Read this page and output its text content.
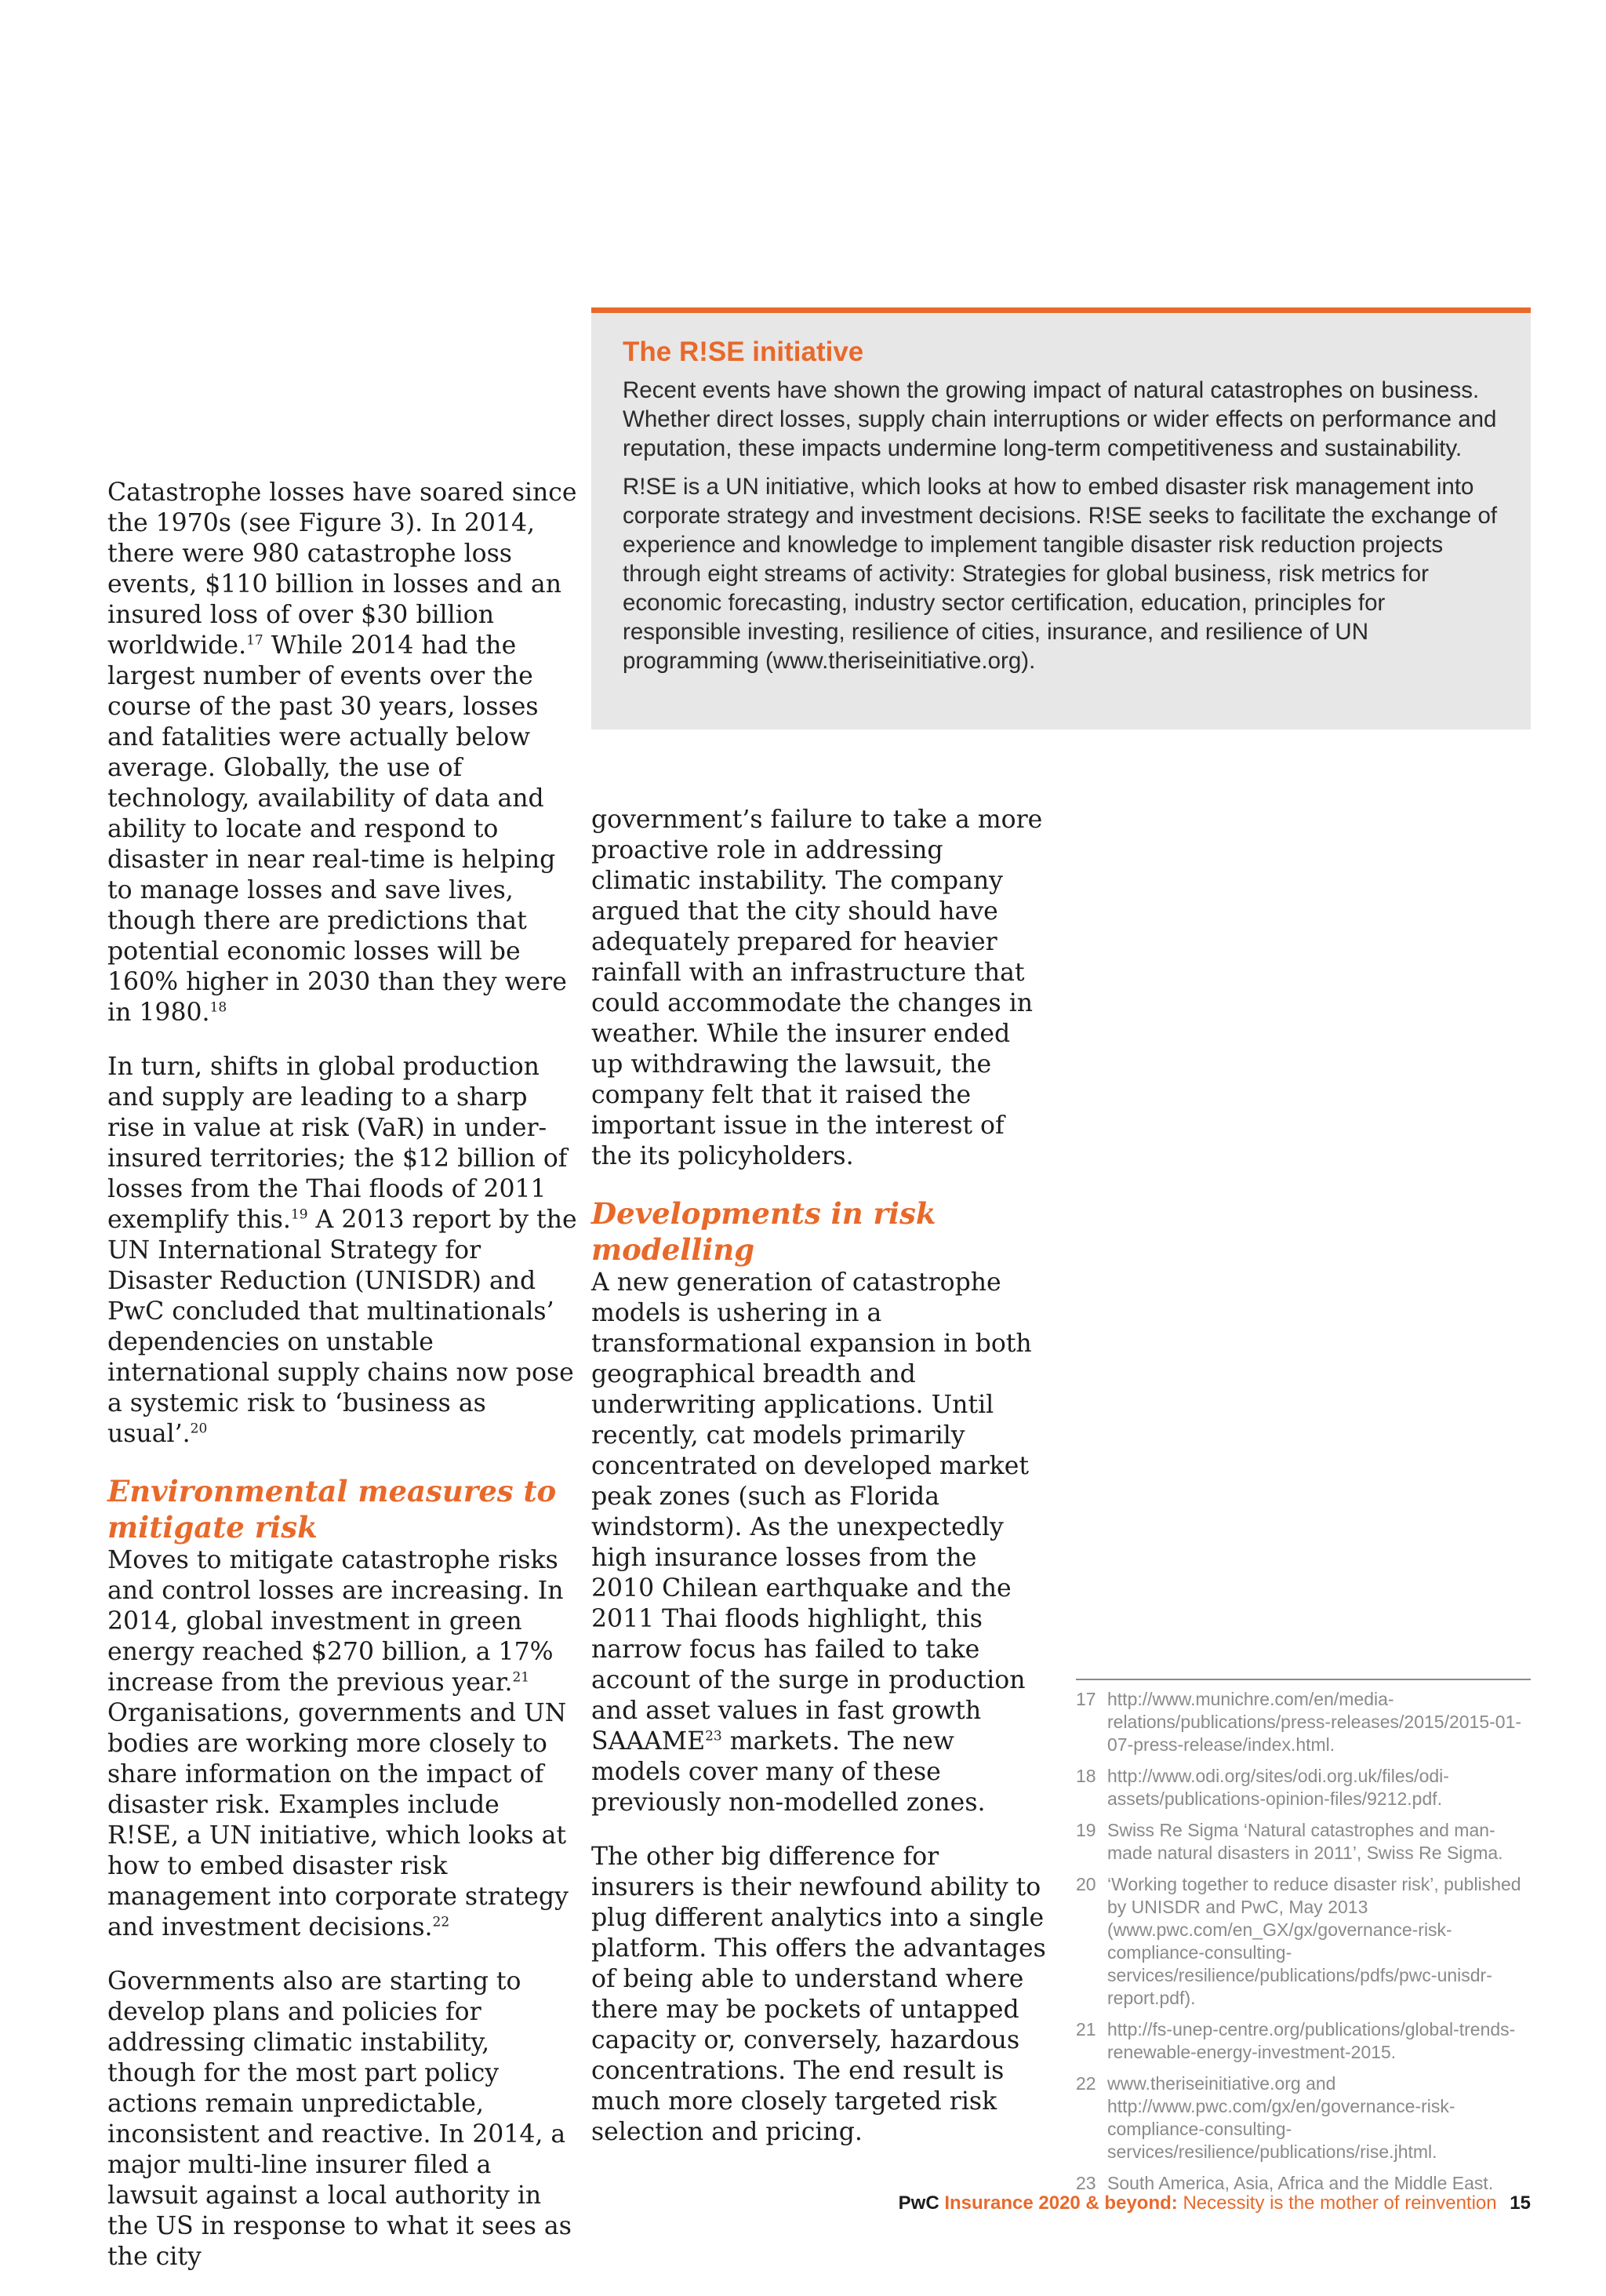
The R!SE initiative

Recent events have shown the growing impact of natural catastrophes on business. Whether direct losses, supply chain interruptions or wider effects on performance and reputation, these impacts undermine long-term competitiveness and sustainability.

R!SE is a UN initiative, which looks at how to embed disaster risk management into corporate strategy and investment decisions. R!SE seeks to facilitate the exchange of experience and knowledge to implement tangible disaster risk reduction projects through eight streams of activity: Strategies for global business, risk metrics for economic forecasting, industry sector certification, education, principles for responsible investing, resilience of cities, insurance, and resilience of UN programming (www.theriseinitiative.org).

Catastrophe losses have soared since the 1970s (see Figure 3). In 2014, there were 980 catastrophe loss events, $110 billion in losses and an insured loss of over $30 billion worldwide.$^{17}$ While 2014 had the largest number of events over the course of the past 30 years, losses and fatalities were actually below average. Globally, the use of technology, availability of data and ability to locate and respond to disaster in near real-time is helping to manage losses and save lives, though there are predictions that potential economic losses will be 160% higher in 2030 than they were in 1980.18

In turn, shifts in global production and supply are leading to a sharp rise in value at risk (VaR) in under-insured territories; the $12 billion of losses from the Thai floods of 2011 exemplify this.$^{19}$ A 2013 report by the UN International Strategy for Disaster Reduction (UNISDR) and PwC concluded that multinationals’ dependencies on unstable international supply chains now pose a systemic risk to ‘business as usual’.$^{20}$

Environmental measures to mitigate risk

Moves to mitigate catastrophe risks and control losses are increasing. In 2014, global investment in green energy reached $270 billion, a 17% increase from the previous year.$^{21}$ Organisations, governments and UN bodies are working more closely to share information on the impact of disaster risk. Examples include R!SE, a UN initiative, which looks at how to embed disaster risk management into corporate strategy and investment decisions.$^{22}$

Governments also are starting to develop plans and policies for addressing climatic instability, though for the most part policy actions remain unpredictable, inconsistent and reactive. In 2014, a major multi-line insurer filed a lawsuit against a local authority in the US in response to what it sees as the city

government’s failure to take a more proactive role in addressing climatic instability. The company argued that the city should have adequately prepared for heavier rainfall with an infrastructure that could accommodate the changes in weather. While the insurer ended up withdrawing the lawsuit, the company felt that it raised the important issue in the interest of the its policyholders.

Developments in risk modelling

A new generation of catastrophe models is ushering in a transformational expansion in both geographical breadth and underwriting applications. Until recently, cat models primarily concentrated on developed market peak zones (such as Florida windstorm). As the unexpectedly high insurance losses from the 2010 Chilean earthquake and the 2011 Thai floods highlight, this narrow focus has failed to take account of the surge in production and asset values in fast growth SAAAME$^{23}$ markets. The new models cover many of these previously non-modelled zones.

The other big difference for insurers is their newfound ability to plug different analytics into a single platform. This offers the advantages of being able to understand where there may be pockets of untapped capacity or, conversely, hazardous concentrations. The end result is much more closely targeted risk selection and pricing.

17 http://www.munichre.com/en/media-relations/publications/press-releases/2015/2015-01-07-press-release/index.html.
18 http://www.odi.org/sites/odi.org.uk/files/odi-assets/publications-opinion-files/9212.pdf.
19 Swiss Re Sigma ‘Natural catastrophes and man-made natural disasters in 2011’, Swiss Re Sigma.
20 ‘Working together to reduce disaster risk’, published by UNISDR and PwC, May 2013 (www.pwc.com/en_GX/gx/governance-risk-compliance-consulting-services/resilience/publications/pdfs/pwc-unisdr-report.pdf).
21 http://fs-unep-centre.org/publications/global-trends-renewable-energy-investment-2015.
22 www.theriseinitiative.org and http://www.pwc.com/gx/en/governance-risk-compliance-consulting-services/resilience/publications/rise.jhtml.
23 South America, Asia, Africa and the Middle East.
PwC Insurance 2020 & beyond: Necessity is the mother of reinvention 15
